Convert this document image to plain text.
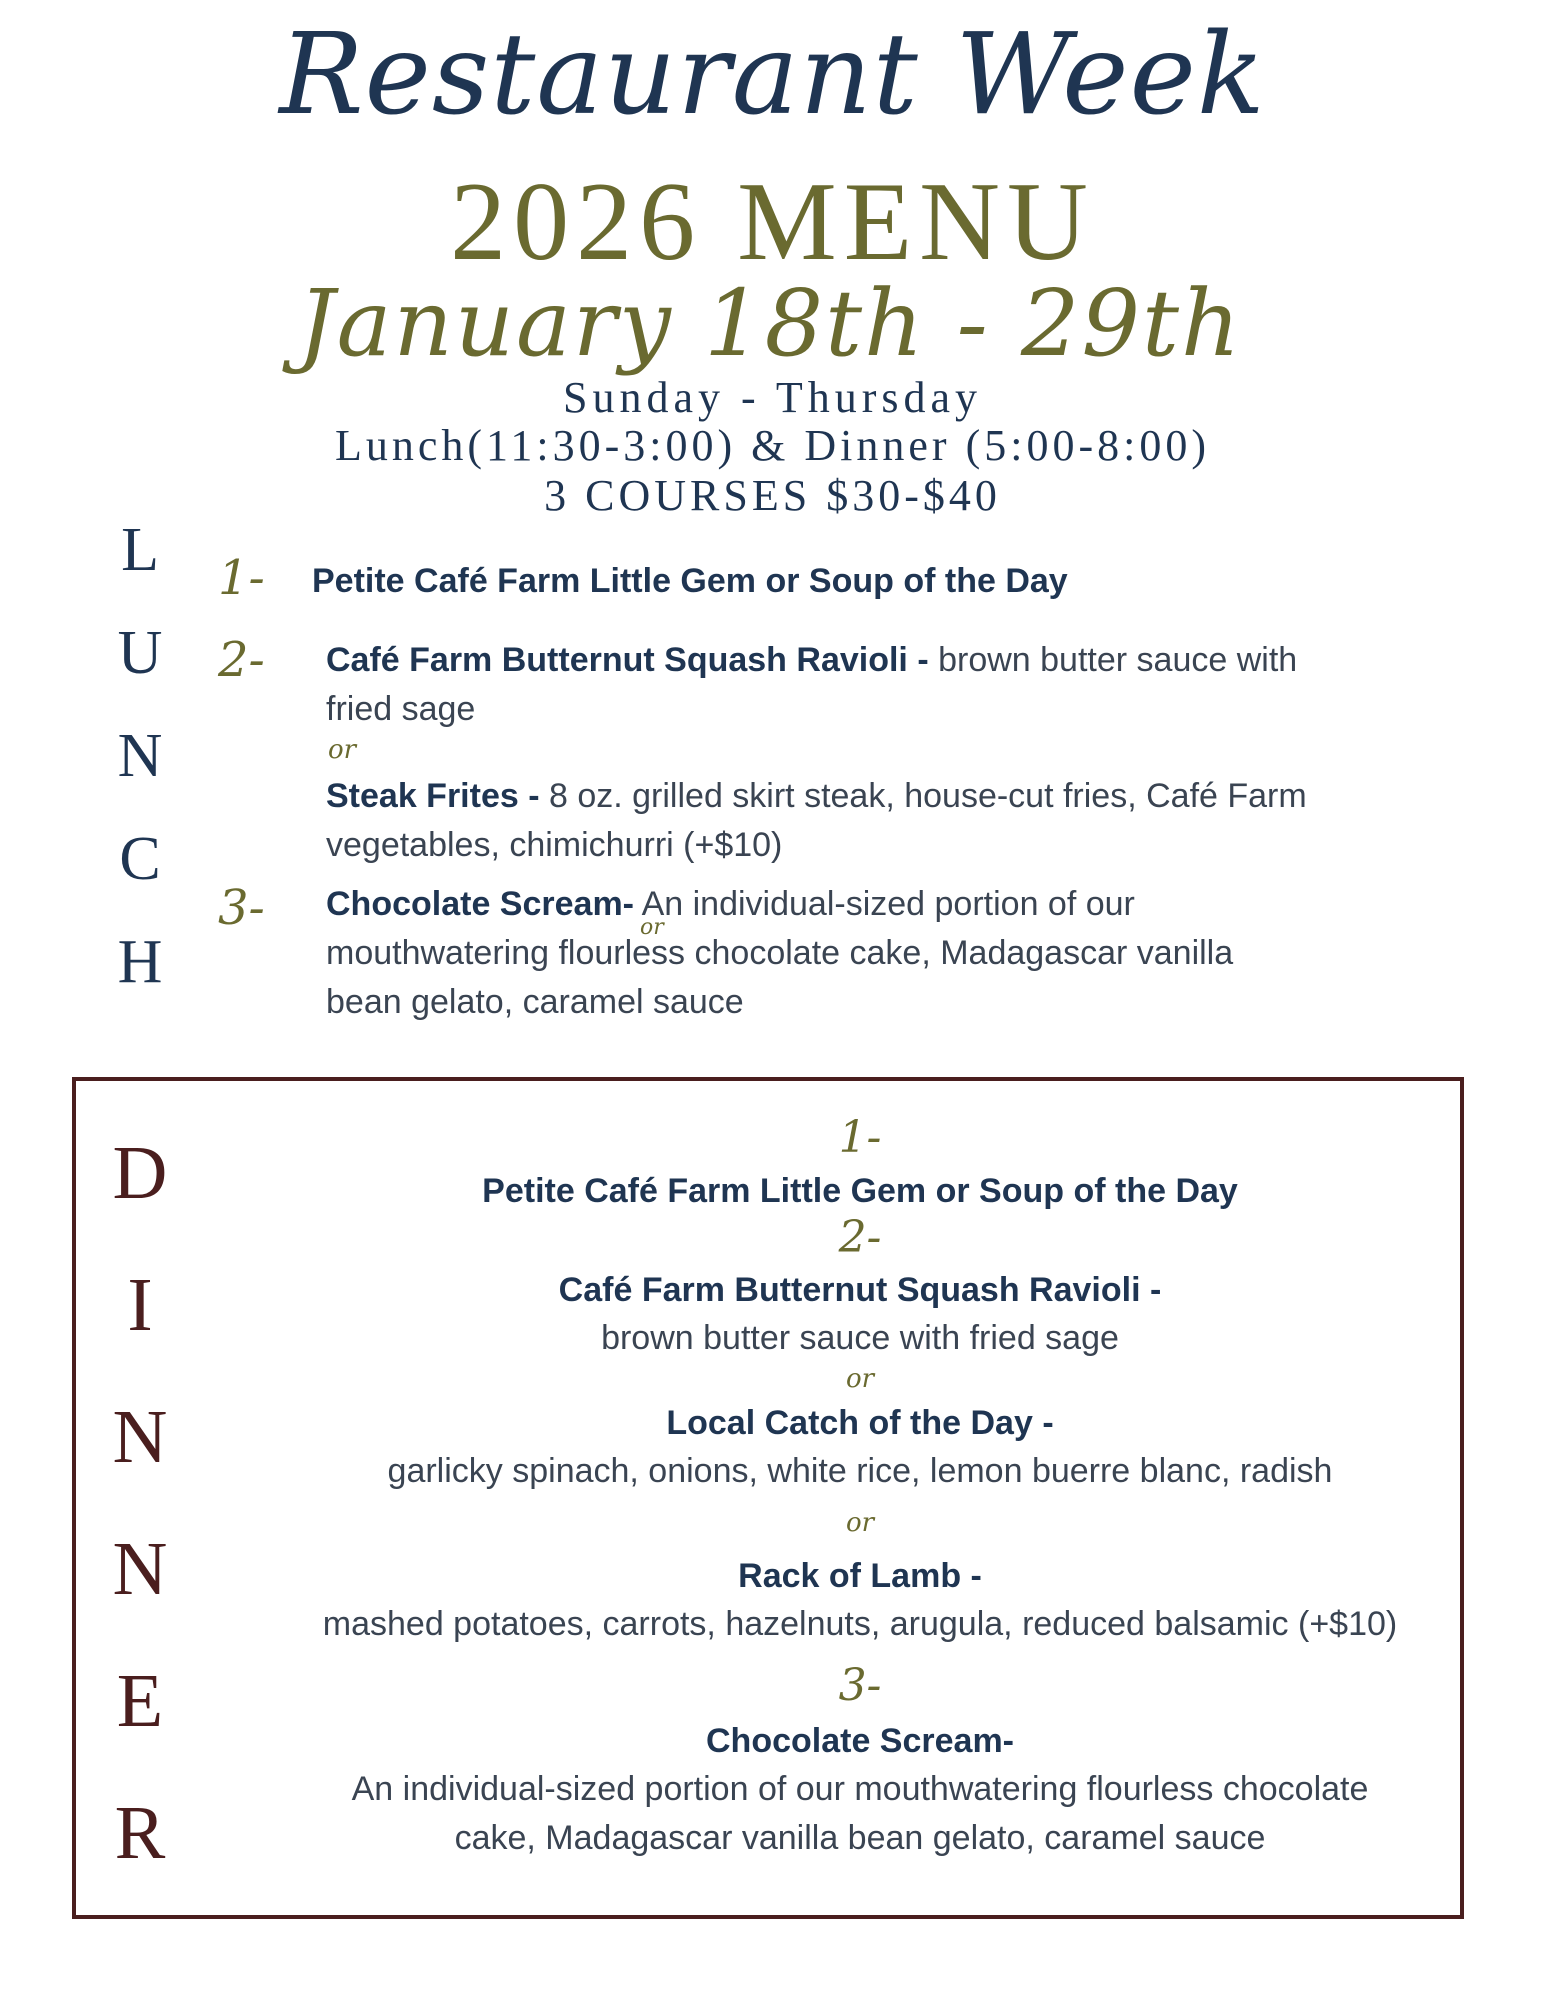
Restaurant Week
2026 MENU
January 18th - 29th
Sunday - Thursday
Lunch(11:30-3:00) & Dinner (5:00-8:00)
3 COURSES $30-$40
L
U
N
C
H
1- Petite Café Farm Little Gem or Soup of the Day
2- Café Farm Butternut Squash Ravioli - brown butter sauce with fried sage
or
Steak Frites - 8 oz. grilled skirt steak, house-cut fries, Café Farm vegetables, chimichurri (+$10)
3-	or
Chocolate Scream- An individual-sized portion of our mouthwatering flourless chocolate cake, Madagascar vanilla bean gelato, caramel sauce
D
I
N
N
E
R
1-
Petite Café Farm Little Gem or Soup of the Day
2-
Café Farm Butternut Squash Ravioli -
brown butter sauce with fried sage
or
Local Catch of the Day -
garlicky spinach, onions, white rice, lemon buerre blanc, radish
or
Rack of Lamb -
mashed potatoes, carrots, hazelnuts, arugula, reduced balsamic (+$10)
3-
Chocolate Scream-
An individual-sized portion of our mouthwatering flourless chocolate
cake, Madagascar vanilla bean gelato, caramel sauce
